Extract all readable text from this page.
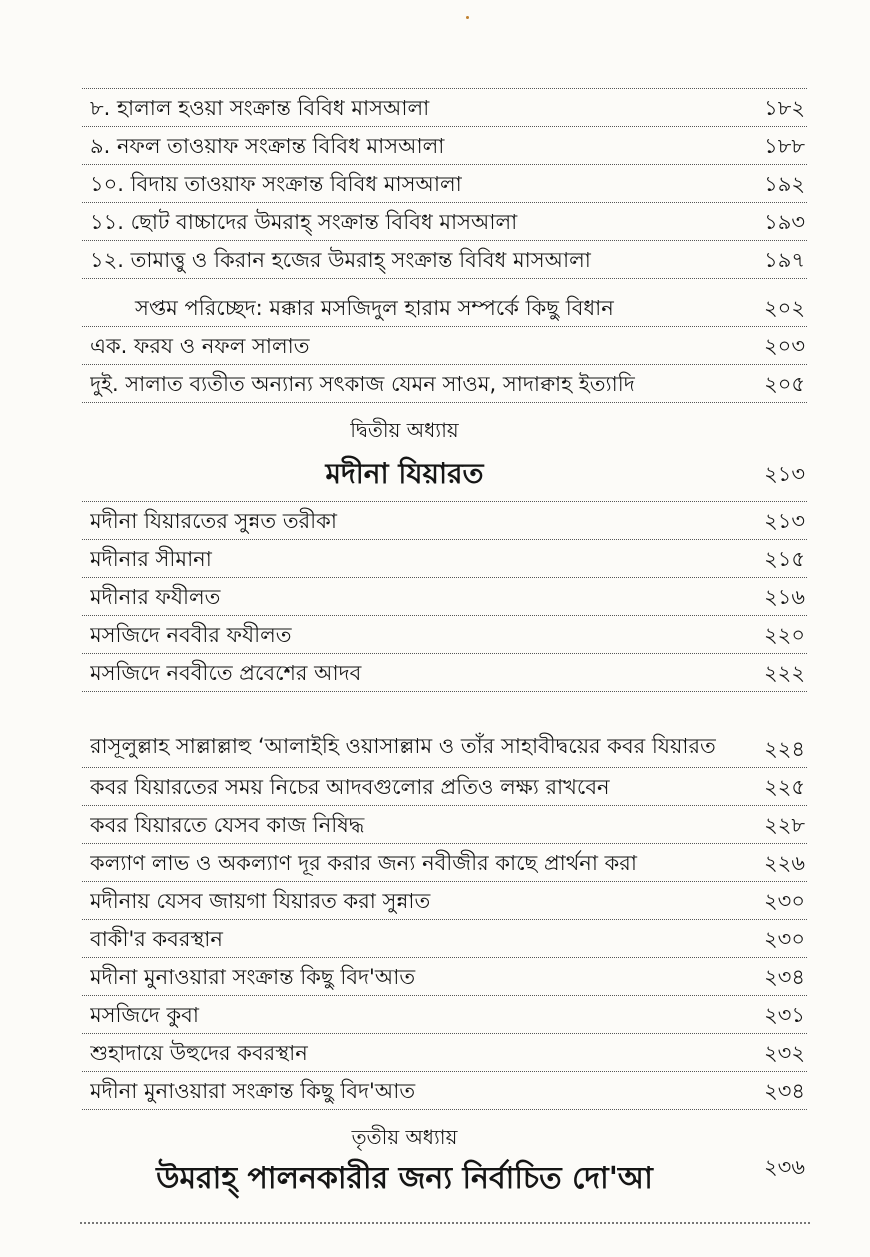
৮. হালাল হওয়া সংক্রান্ত বিবিধ মাসআলা	১৮২
৯. নফল তাওয়াফ সংক্রান্ত বিবিধ মাসআলা	১৮৮
১০. বিদায় তাওয়াফ সংক্রান্ত বিবিধ মাসআলা	১৯২
১১. ছোট বাচ্চাদের উমরাহ্ সংক্রান্ত বিবিধ মাসআলা	১৯৩
১২. তামাত্তু ও কিরান হজের উমরাহ্ সংক্রান্ত বিবিধ মাসআলা	১৯৭
সপ্তম পরিচ্ছেদ: মক্কার মসজিদুল হারাম সম্পর্কে কিছু বিধান	২০২
এক. ফরয ও নফল সালাত	২০৩
দুই. সালাত ব্যতীত অন্যান্য সৎকাজ যেমন সাওম, সাদাক্বাহ ইত্যাদি	২০৫
দ্বিতীয় অধ্যায়
মদীনা যিয়ারত	২১৩
মদীনা যিয়ারতের সুন্নত তরীকা	২১৩
মদীনার সীমানা	২১৫
মদীনার ফযীলত	২১৬
মসজিদে নববীর ফযীলত	২২০
মসজিদে নববীতে প্রবেশের আদব	২২২
রাসূলুল্লাহ সাল্লাল্লাহু ‘আলাইহি ওয়াসাল্লাম ও তাঁর সাহাবীদ্বয়ের কবর যিয়ারত	২২৪
কবর যিয়ারতের সময় নিচের আদবগুলোর প্রতিও লক্ষ্য রাখবেন	২২৫
কবর যিয়ারতে যেসব কাজ নিষিদ্ধ	২২৮
কল্যাণ লাভ ও অকল্যাণ দূর করার জন্য নবীজীর কাছে প্রার্থনা করা	২২৬
মদীনায় যেসব জায়গা যিয়ারত করা সুন্নাত	২৩০
বাকী'র কবরস্থান	২৩০
মদীনা মুনাওয়ারা সংক্রান্ত কিছু বিদ'আত	২৩৪
মসজিদে কুবা	২৩১
শুহাদায়ে উহুদের কবরস্থান	২৩২
মদীনা মুনাওয়ারা সংক্রান্ত কিছু বিদ'আত	২৩৪
তৃতীয় অধ্যায়
উমরাহ্ পালনকারীর জন্য নির্বাচিত দো'আ	২৩৬
